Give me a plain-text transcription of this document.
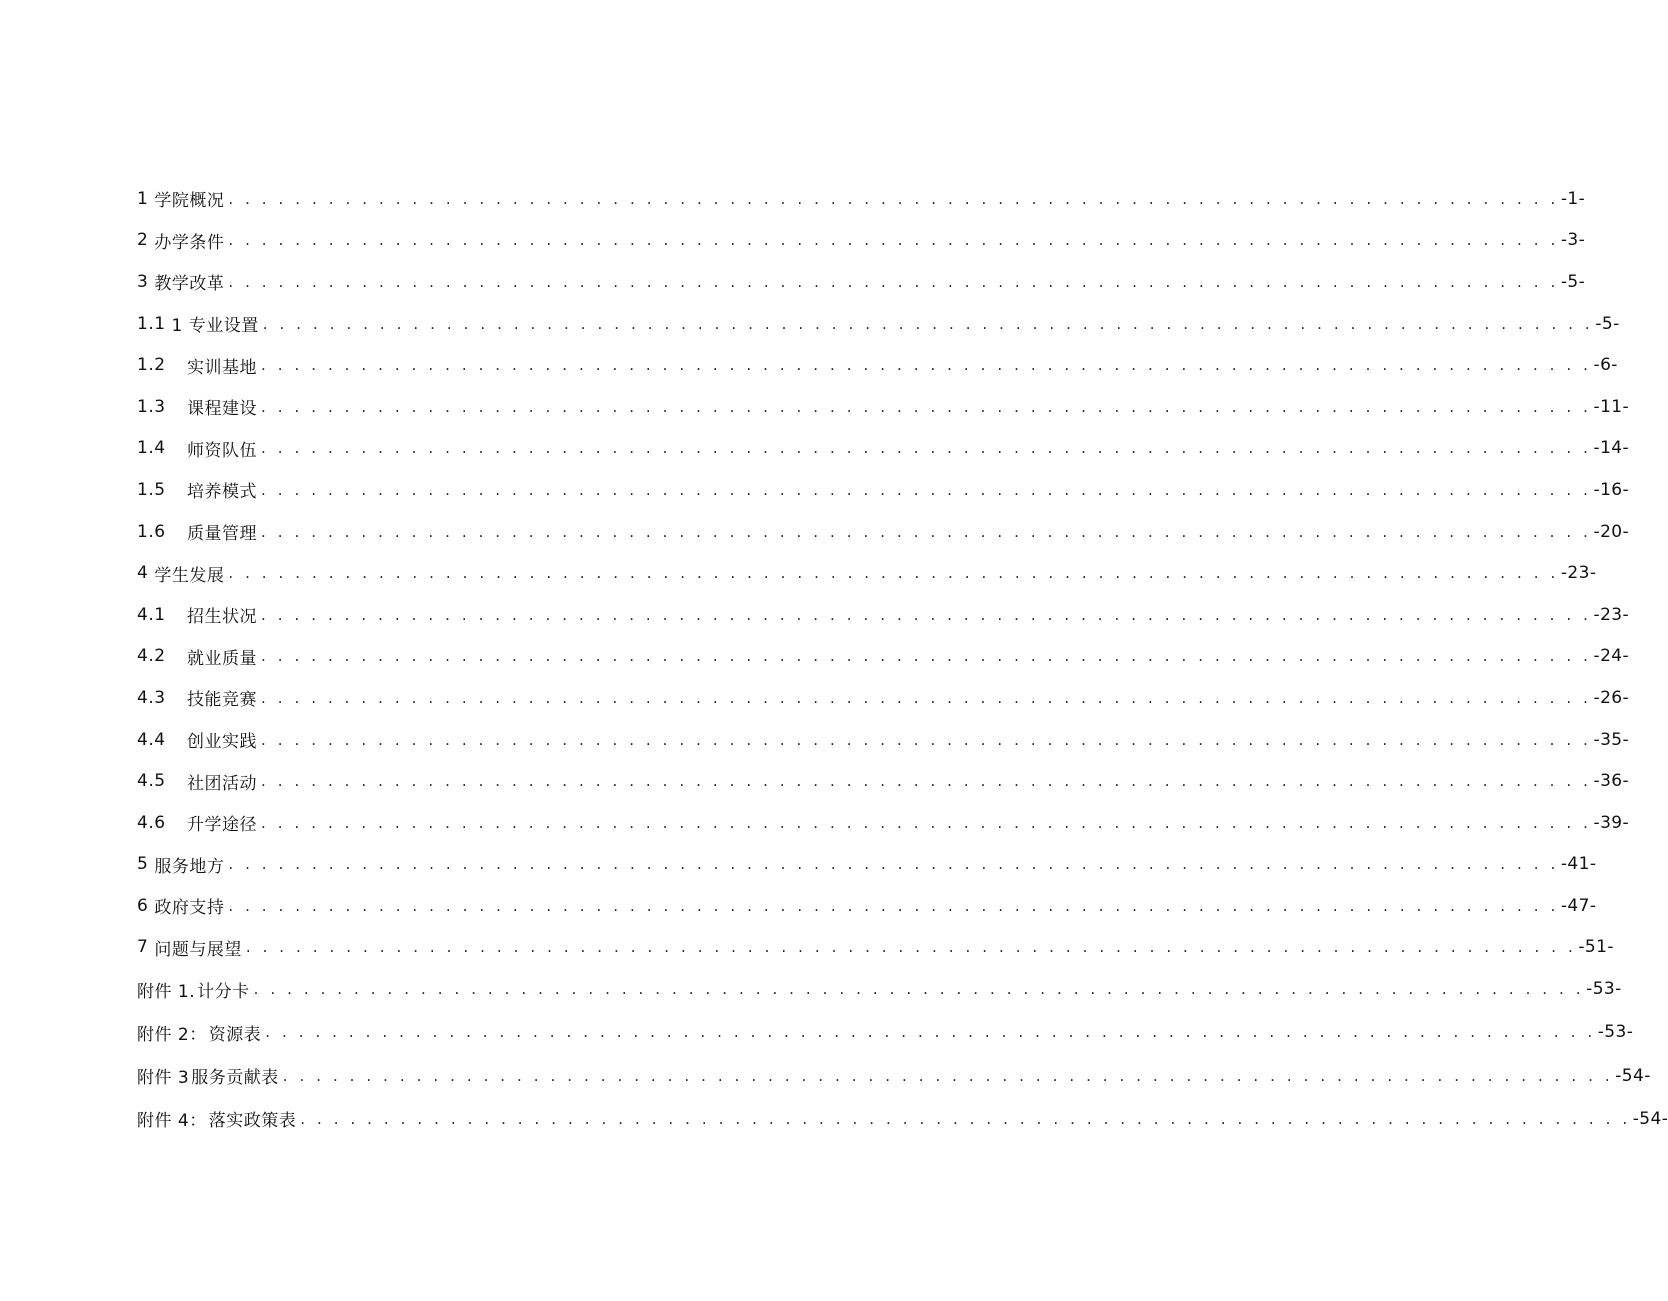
1 学院概况 . . . . . . . . . . . . . . . . . . . . . . . . . . . . . . . . . . . . . . . . . . . . . . . . . . . . . . . . . . . . . . . . . . . . . . . . . . . . . . . . -1-
2 办学条件 . . . . . . . . . . . . . . . . . . . . . . . . . . . . . . . . . . . . . . . . . . . . . . . . . . . . . . . . . . . . . . . . . . . . . . . . . . . . . . . . -3-
3 教学改革 . . . . . . . . . . . . . . . . . . . . . . . . . . . . . . . . . . . . . . . . . . . . . . . . . . . . . . . . . . . . . . . . . . . . . . . . . . . . . . . . -5-
1.1 1 专业设置 . . . . . . . . . . . . . . . . . . . . . . . . . . . . . . . . . . . . . . . . . . . . . . . . . . . . . . . . . . . . . . . . . . . . . . . . . . . . . . . . -5-
1.2	实训基地 . . . . . . . . . . . . . . . . . . . . . . . . . . . . . . . . . . . . . . . . . . . . . . . . . . . . . . . . . . . . . . . . . . . . . . . . . . . . . . . . -6-
1.3	课程建设 . . . . . . . . . . . . . . . . . . . . . . . . . . . . . . . . . . . . . . . . . . . . . . . . . . . . . . . . . . . . . . . . . . . . . . . . . . . . . . . . -11-
1.4	师资队伍 . . . . . . . . . . . . . . . . . . . . . . . . . . . . . . . . . . . . . . . . . . . . . . . . . . . . . . . . . . . . . . . . . . . . . . . . . . . . . . . . -14-
1.5	培养模式 . . . . . . . . . . . . . . . . . . . . . . . . . . . . . . . . . . . . . . . . . . . . . . . . . . . . . . . . . . . . . . . . . . . . . . . . . . . . . . . . -16-
1.6	质量管理 . . . . . . . . . . . . . . . . . . . . . . . . . . . . . . . . . . . . . . . . . . . . . . . . . . . . . . . . . . . . . . . . . . . . . . . . . . . . . . . . -20-
4 学生发展 . . . . . . . . . . . . . . . . . . . . . . . . . . . . . . . . . . . . . . . . . . . . . . . . . . . . . . . . . . . . . . . . . . . . . . . . . . . . . . . . -23-
4.1	招生状况 . . . . . . . . . . . . . . . . . . . . . . . . . . . . . . . . . . . . . . . . . . . . . . . . . . . . . . . . . . . . . . . . . . . . . . . . . . . . . . . . -23-
4.2	就业质量 . . . . . . . . . . . . . . . . . . . . . . . . . . . . . . . . . . . . . . . . . . . . . . . . . . . . . . . . . . . . . . . . . . . . . . . . . . . . . . . . -24-
4.3	技能竞赛 . . . . . . . . . . . . . . . . . . . . . . . . . . . . . . . . . . . . . . . . . . . . . . . . . . . . . . . . . . . . . . . . . . . . . . . . . . . . . . . . -26-
4.4	创业实践 . . . . . . . . . . . . . . . . . . . . . . . . . . . . . . . . . . . . . . . . . . . . . . . . . . . . . . . . . . . . . . . . . . . . . . . . . . . . . . . . -35-
4.5	社团活动 . . . . . . . . . . . . . . . . . . . . . . . . . . . . . . . . . . . . . . . . . . . . . . . . . . . . . . . . . . . . . . . . . . . . . . . . . . . . . . . . -36-
4.6	升学途径 . . . . . . . . . . . . . . . . . . . . . . . . . . . . . . . . . . . . . . . . . . . . . . . . . . . . . . . . . . . . . . . . . . . . . . . . . . . . . . . . -39-
5 服务地方 . . . . . . . . . . . . . . . . . . . . . . . . . . . . . . . . . . . . . . . . . . . . . . . . . . . . . . . . . . . . . . . . . . . . . . . . . . . . . . . . -41-
6 政府支持 . . . . . . . . . . . . . . . . . . . . . . . . . . . . . . . . . . . . . . . . . . . . . . . . . . . . . . . . . . . . . . . . . . . . . . . . . . . . . . . . -47-
7 问题与展望 . . . . . . . . . . . . . . . . . . . . . . . . . . . . . . . . . . . . . . . . . . . . . . . . . . . . . . . . . . . . . . . . . . . . . . . . . . . . . . . . -51-
附件 1. 计分卡 . . . . . . . . . . . . . . . . . . . . . . . . . . . . . . . . . . . . . . . . . . . . . . . . . . . . . . . . . . . . . . . . . . . . . . . . . . . . . . . . -53-
附件 2： 资源表 . . . . . . . . . . . . . . . . . . . . . . . . . . . . . . . . . . . . . . . . . . . . . . . . . . . . . . . . . . . . . . . . . . . . . . . . . . . . . . . . -53-
附件 3 服务贡献表 . . . . . . . . . . . . . . . . . . . . . . . . . . . . . . . . . . . . . . . . . . . . . . . . . . . . . . . . . . . . . . . . . . . . . . . . . . . . . . . . -54-
附件 4： 落实政策表 . . . . . . . . . . . . . . . . . . . . . . . . . . . . . . . . . . . . . . . . . . . . . . . . . . . . . . . . . . . . . . . . . . . . . . . . . . . . . . . . -54-
